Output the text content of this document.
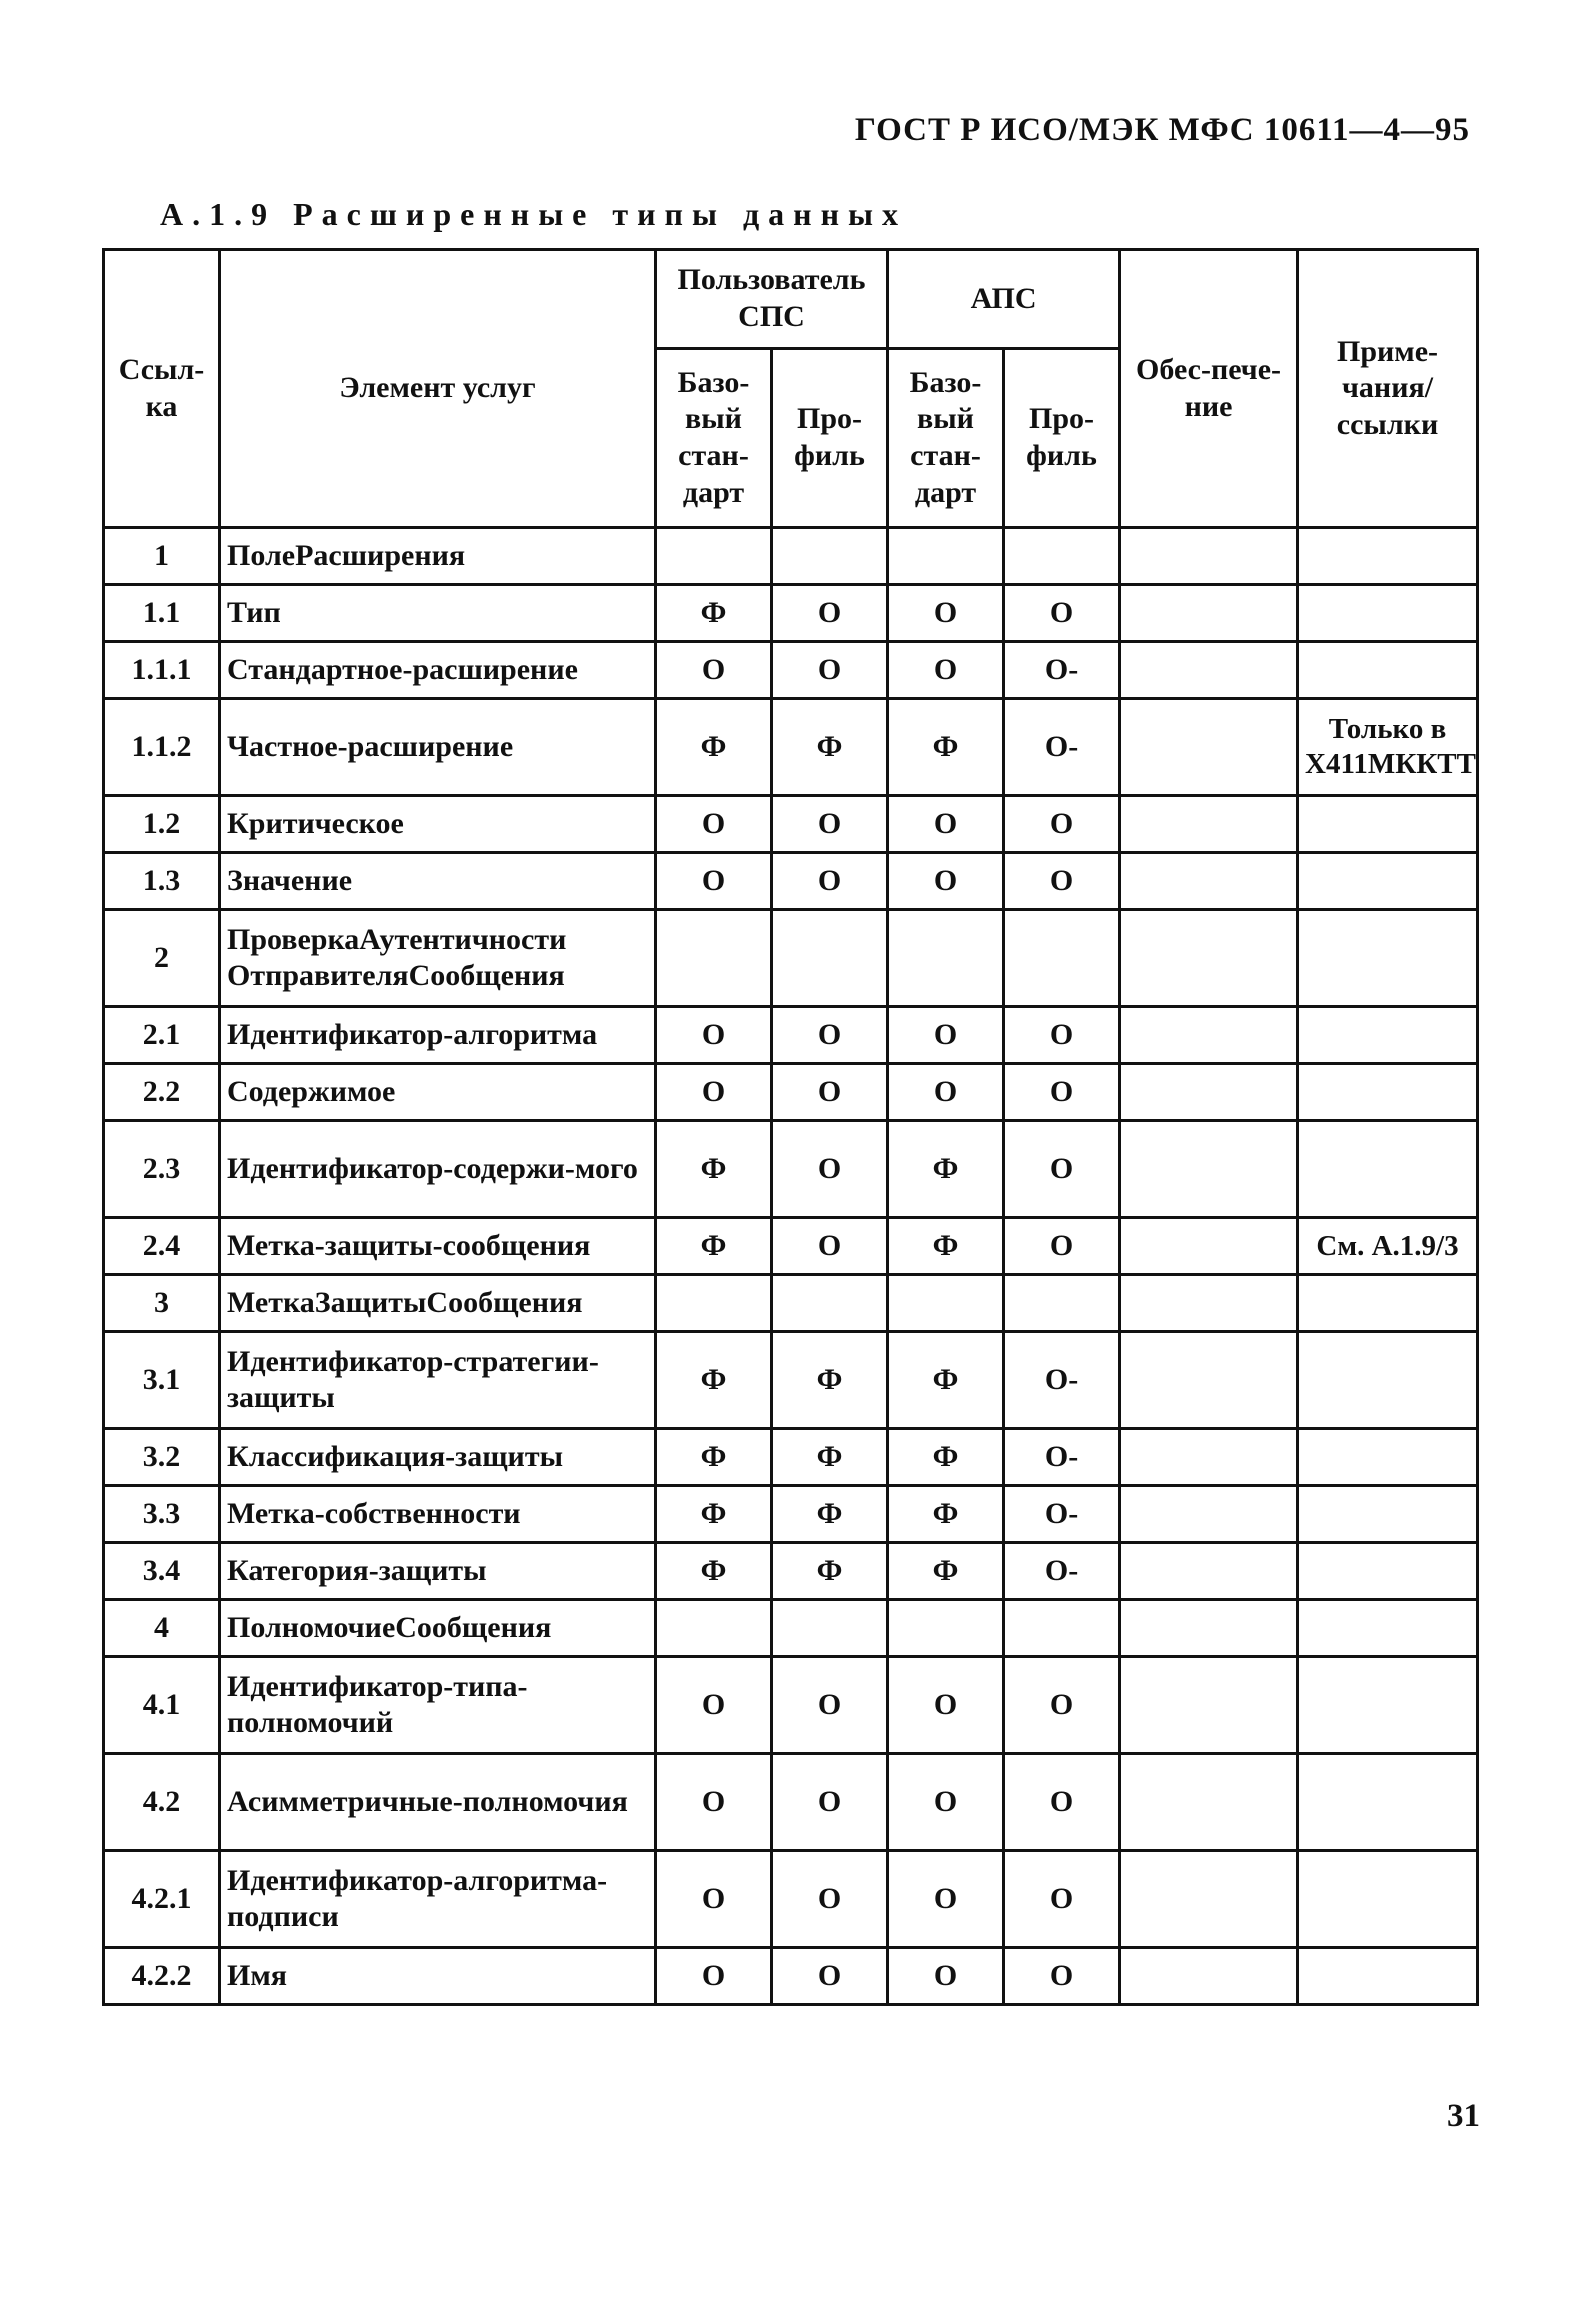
ГОСТ Р ИСО/МЭК МФС 10611—4—95
А.1.9 Расширенные типы данных
Ссыл-ка	Элемент услуг	Пользователь СПС		АПС		Обес-пече-ние	Приме-чания/ссылки
		Базо-вый стан-дарт	Про-филь	Базо-вый стан-дарт	Про-филь		
1	ПолеРасширения						
1.1	Тип	Ф	О	О	О		
1.1.1	Стандартное-расширение	О	О	О	О-		
1.1.2	Частное-расширение	Ф	Ф	Ф	О-		Только в Х411МККТТ
1.2	Критическое	О	О	О	О		
1.3	Значение	О	О	О	О		
2	ПроверкаАутентичности ОтправителяСообщения						
2.1	Идентификатор-алгоритма	О	О	О	О		
2.2	Содержимое	О	О	О	О		
2.3	Идентификатор-содержи-мого	Ф	О	Ф	О		
2.4	Метка-защиты-сообщения	Ф	О	Ф	О		См. А.1.9/3
3	МеткаЗащитыСообщения						
3.1	Идентификатор-стратегии-защиты	Ф	Ф	Ф	О-		
3.2	Классификация-защиты	Ф	Ф	Ф	О-		
3.3	Метка-собственности	Ф	Ф	Ф	О-		
3.4	Категория-защиты	Ф	Ф	Ф	О-		
4	ПолномочиеСообщения						
4.1	Идентификатор-типа-полномочий	О	О	О	О		
4.2	Асимметричные-полномочия	О	О	О	О		
4.2.1	Идентификатор-алгоритма-подписи	О	О	О	О		
4.2.2	Имя	О	О	О	О		
31
